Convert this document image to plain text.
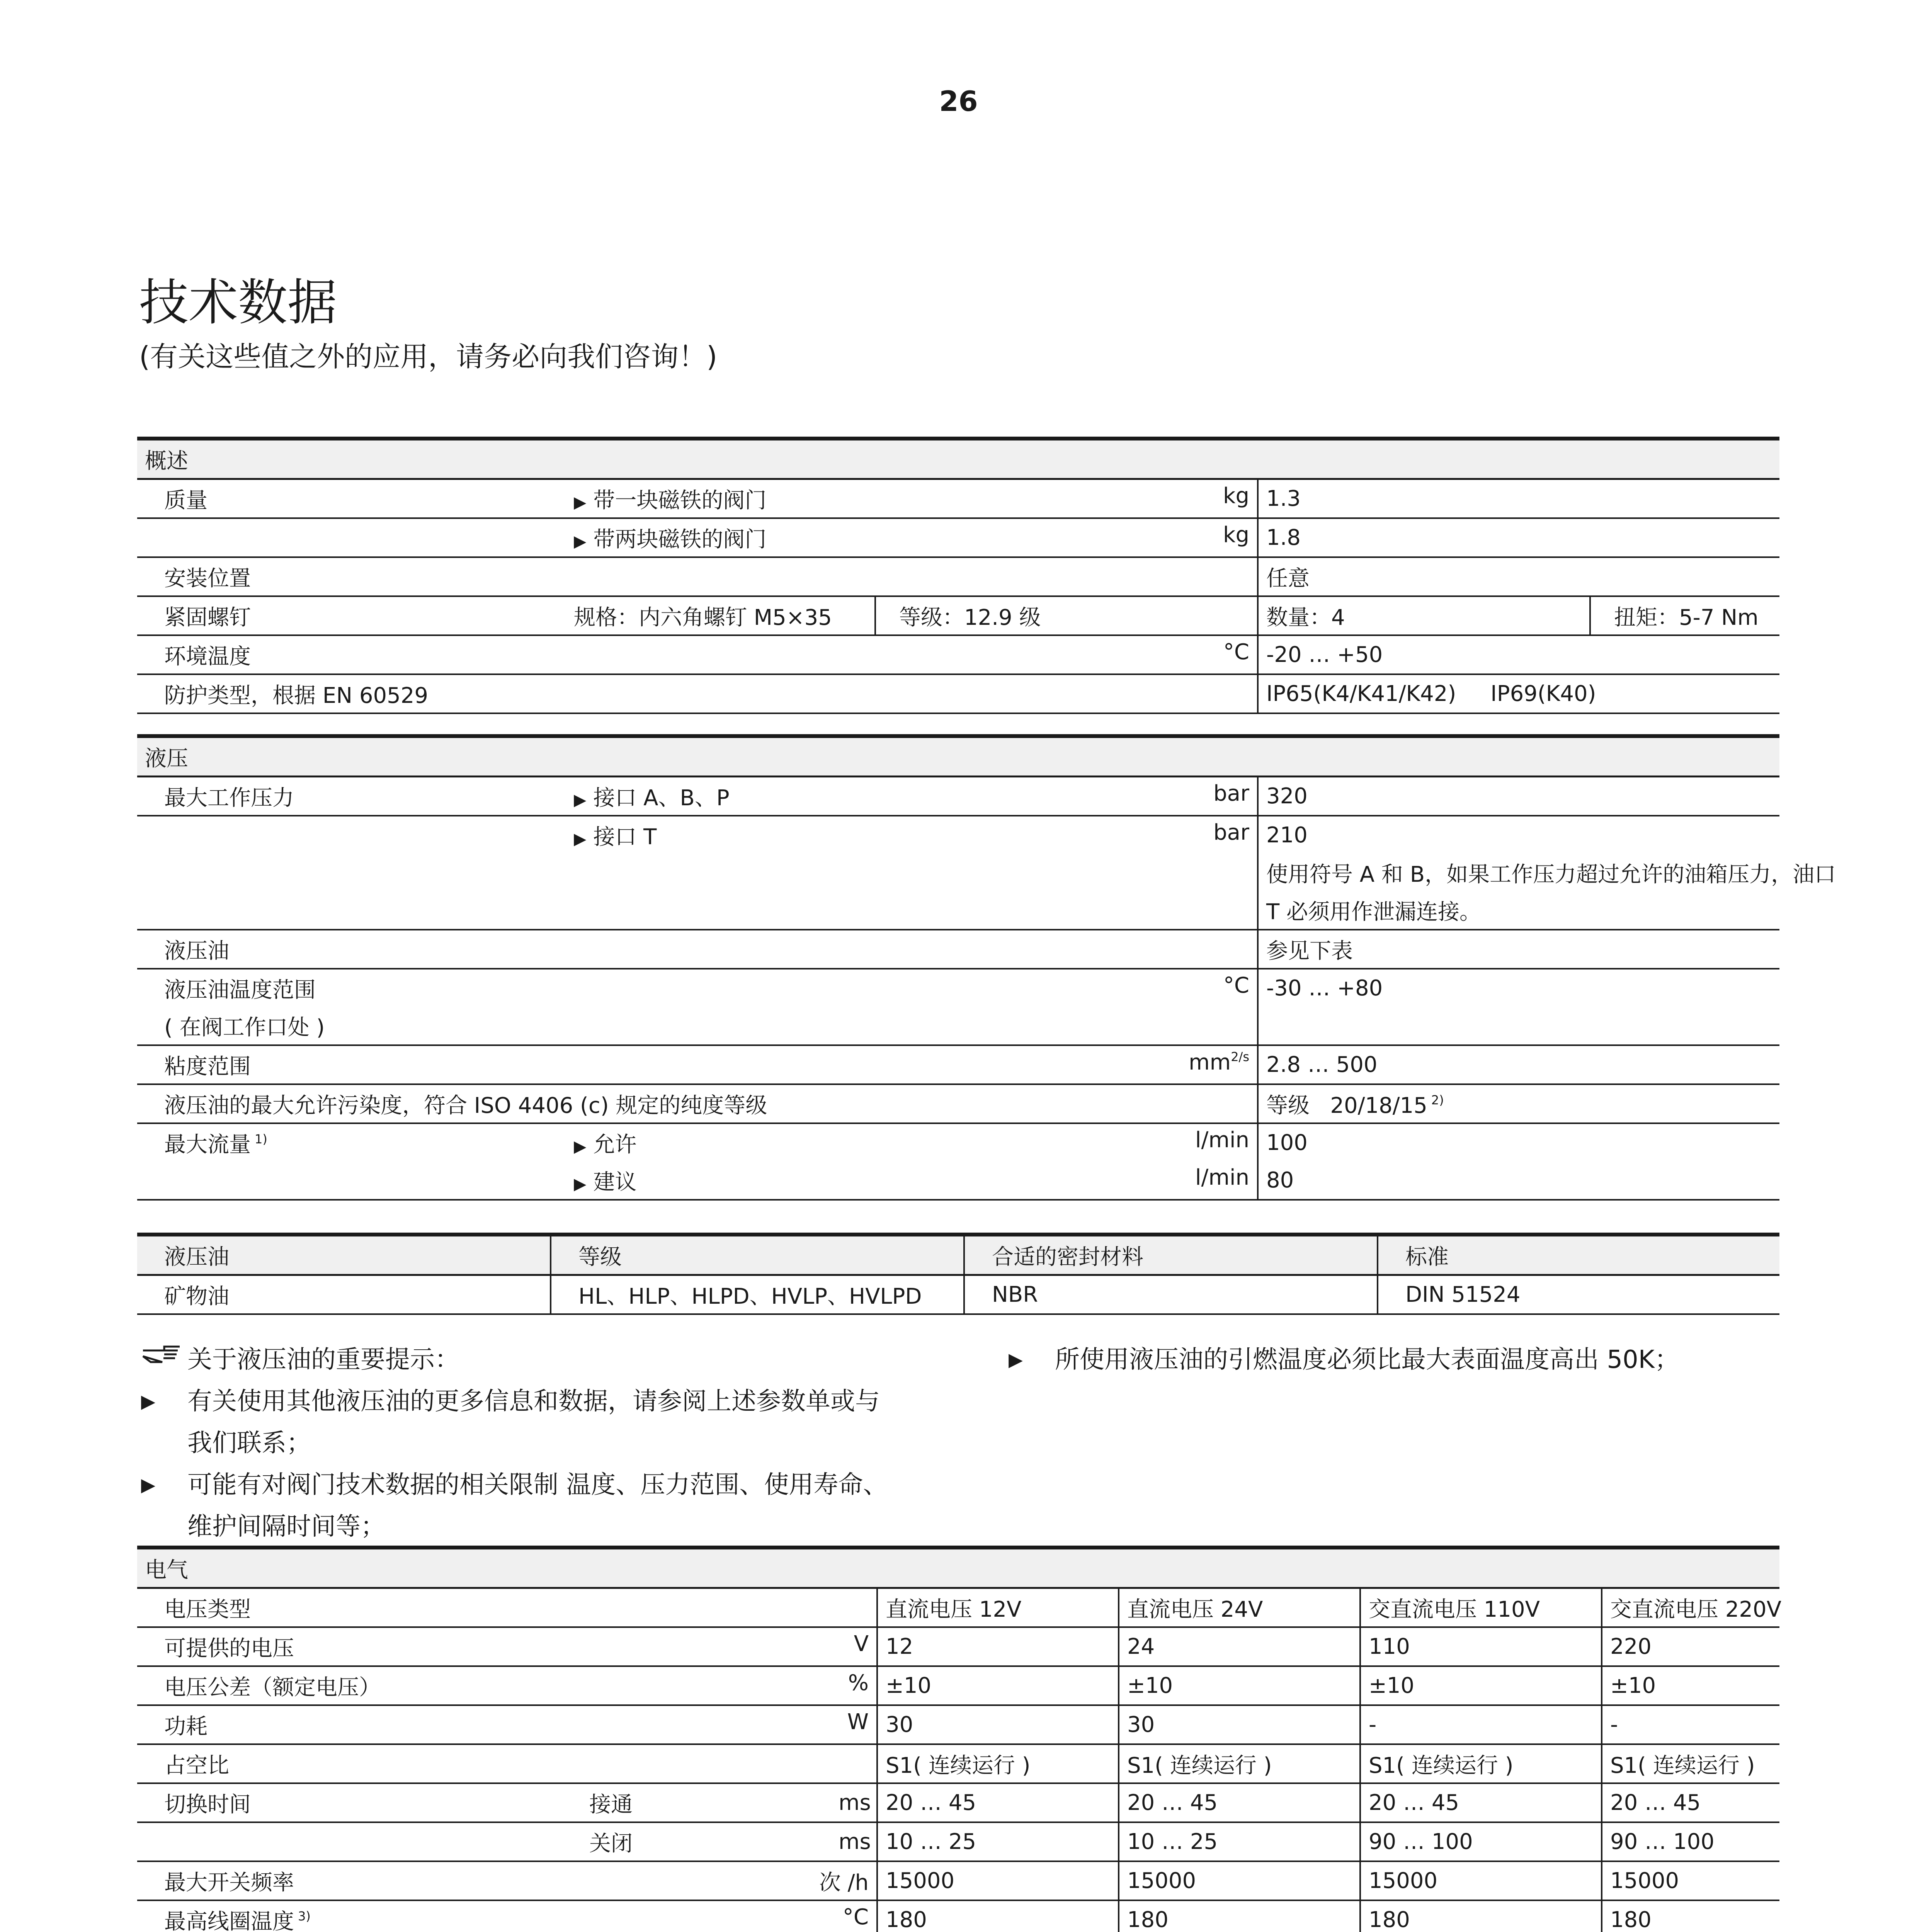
26
技术数据
(有关这些值之外的应用，请务必向我们咨询！)
概述				
质量	▶ 带一块磁铁的阀门 kg		1.3	

	▶ 带两块磁铁的阀门 kg		1.8	
安装位置			任意	
紧固螺钉	规格：内六角螺钉 M5×35	等级：12.9 级	数量：4	扭矩：5-7 Nm

环境温度 °C			-20 … +50	
防护类型，根据 EN 60529			IP65(K4/K41/K42)     IP69(K40)	
液压		
最大工作压力	▶ 接口 A、B、P bar	320

	▶ 接口 T bar	210
		使用符号 A 和 B，如果工作压力超过允许的油箱压力，油口
		T 必须用作泄漏连接。
液压油		参见下表

液压油温度范围 °C		-30 … +80
( 在阀工作口处 )		

粘度范围 $mm^{2/s}$		2.8 … 500
液压油的最大允许污染度，符合 ISO 4406 (c) 规定的纯度等级		等级   20/18/15 $^{2)}$
最大流量 $^{1)}$	▶ 允许 l/min	100

	▶ 建议 l/min	80
液压油	等级	合适的密封材料	标准
矿物油	HL、HLP、HLPD、HVLP、HVLPD	NBR	DIN 51524
关于液压油的重要提示：
▶	有关使用其他液压油的更多信息和数据，请参阅上述参数单或与
我们联系；
▶	可能有对阀门技术数据的相关限制 温度、压力范围、使用寿命、
维护间隔时间等；
▶	所使用液压油的引燃温度必须比最大表面温度高出 50K；
电气						
电压类型			直流电压 12V	直流电压 24V	交直流电压 110V	交直流电压 220V

可提供的电压 V			12	24	110	220

电压公差（额定电压） %			±10	±10	±10	±10

功耗 W			30	30	-	-
占空比			S1( 连续运行 )	S1( 连续运行 )	S1( 连续运行 )	S1( 连续运行 )
切换时间	接通	ms	20 … 45	20 … 45	20 … 45	20 … 45
	关闭	ms	10 … 25	10 … 25	90 … 100	90 … 100

最大开关频率 次 /h			15000	15000	15000	15000

最高线圈温度 $^{3)}$ °C			180	180	180	180
